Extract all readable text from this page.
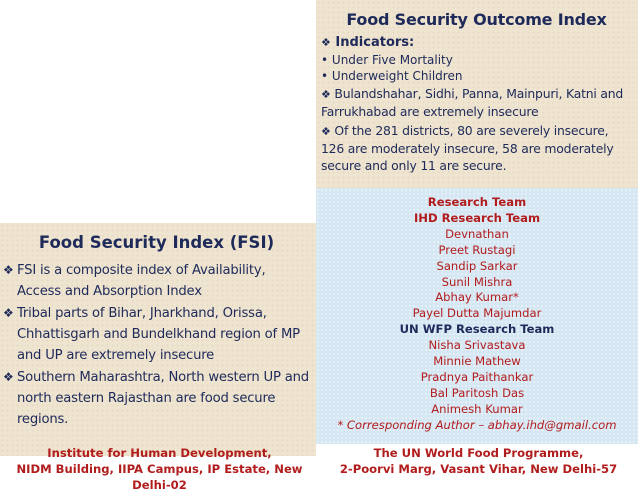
Food Security Outcome Index
❖ Indicators:
• Under Five Mortality
• Underweight Children
❖ Bulandshahar, Sidhi, Panna, Mainpuri, Katni and Farrukhabad are extremely insecure
❖ Of the 281 districts, 80 are severely insecure, 126 are moderately insecure, 58 are moderately secure and only 11 are secure.
Research Team
IHD Research Team
Devnathan
Preet Rustagi
Sandip Sarkar
Sunil Mishra
Abhay Kumar*
Payel Dutta Majumdar
UN WFP Research Team
Nisha Srivastava
Minnie Mathew
Pradnya Paithankar
Bal Paritosh Das
Animesh Kumar
* Corresponding Author – abhay.ihd@gmail.com
Food Security Index (FSI)
❖ FSI is a composite index of Availability, Access and Absorption Index
❖ Tribal parts of Bihar, Jharkhand, Orissa, Chhattisgarh and Bundelkhand region of MP and UP are extremely insecure
❖ Southern Maharashtra, North western UP and north eastern Rajasthan are food secure regions.
Institute for Human Development,
NIDM Building, IIPA Campus, IP Estate, New Delhi-02
The UN World Food Programme,
2-Poorvi Marg, Vasant Vihar, New Delhi-57
